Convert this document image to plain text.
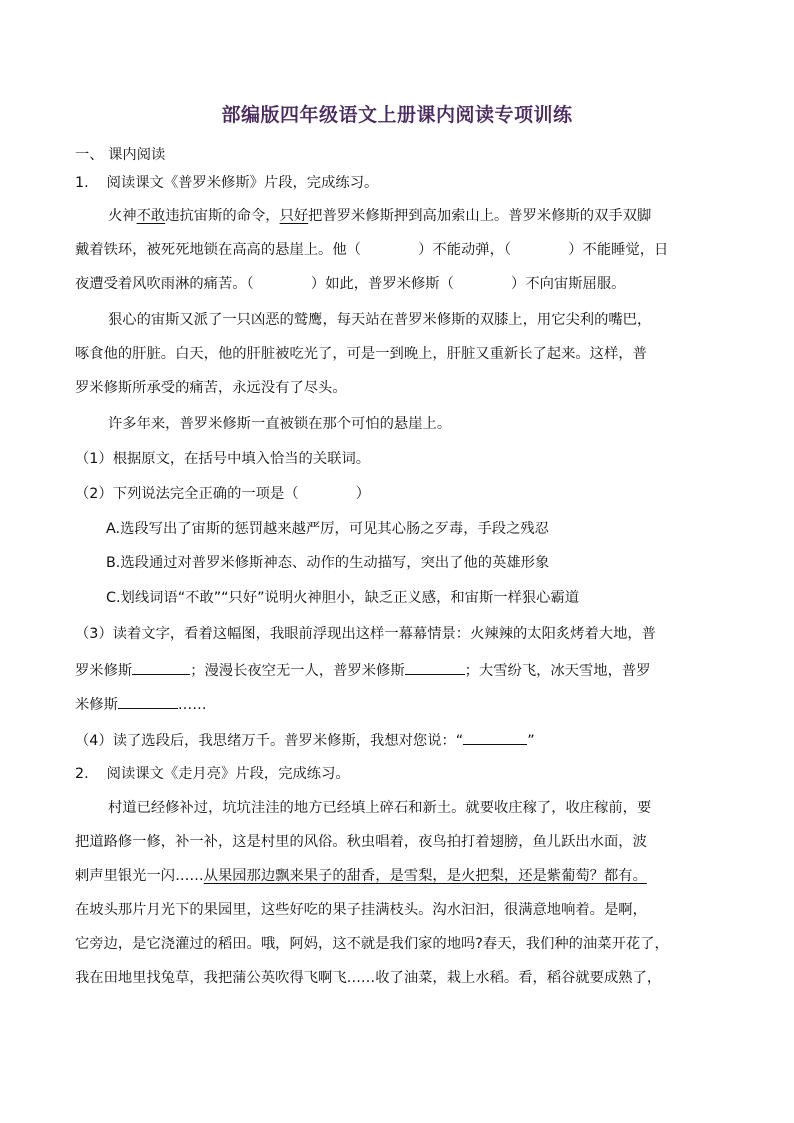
部编版四年级语文上册课内阅读专项训练
一、 课内阅读
1. 阅读课文《普罗米修斯》片段，完成练习。
火神不敢违抗宙斯的命令，只好把普罗米修斯押到高加索山上。普罗米修斯的双手双脚
戴着铁环，被死死地锁在高高的悬崖上。他（　　　　）不能动弹，（　　　　）不能睡觉，日
夜遭受着风吹雨淋的痛苦。（　　　　）如此，普罗米修斯（　　　　）不向宙斯屈服。
狠心的宙斯又派了一只凶恶的鹫鹰，每天站在普罗米修斯的双膝上，用它尖利的嘴巴，
啄食他的肝脏。白天，他的肝脏被吃光了，可是一到晚上，肝脏又重新长了起来。这样，普
罗米修斯所承受的痛苦，永远没有了尽头。
许多年来，普罗米修斯一直被锁在那个可怕的悬崖上。
（1）根据原文，在括号中填入恰当的关联词。
（2）下列说法完全正确的一项是（　　　　）
A.选段写出了宙斯的惩罚越来越严厉，可见其心肠之歹毒，手段之残忍
B.选段通过对普罗米修斯神态、动作的生动描写，突出了他的英雄形象
C.划线词语“不敢”“只好”说明火神胆小，缺乏正义感，和宙斯一样狠心霸道
（3）读着文字，看着这幅图，我眼前浮现出这样一幕幕情景：火辣辣的太阳炙烤着大地，普
罗米修斯	；漫漫长夜空无一人，普罗米修斯	；大雪纷飞，冰天雪地，普罗
米修斯	……
（4）读了选段后，我思绪万千。普罗米修斯，我想对您说：“	”
2. 阅读课文《走月亮》片段，完成练习。
村道已经修补过，坑坑洼洼的地方已经填上碎石和新土。就要收庄稼了，收庄稼前，要
把道路修一修，补一补，这是村里的风俗。秋虫唱着，夜鸟拍打着翅膀，鱼儿跃出水面，波
剌声里银光一闪……从果园那边飘来果子的甜香，是雪梨，是火把梨，还是紫葡萄？都有。
在坡头那片月光下的果园里，这些好吃的果子挂满枝头。沟水汩汩，很满意地响着。是啊，
它旁边，是它浇灌过的稻田。哦，阿妈，这不就是我们家的地吗?春天，我们种的油菜开花了，
我在田地里找兔草，我把蒲公英吹得飞啊飞……收了油菜，栽上水稻。看，稻谷就要成熟了，
